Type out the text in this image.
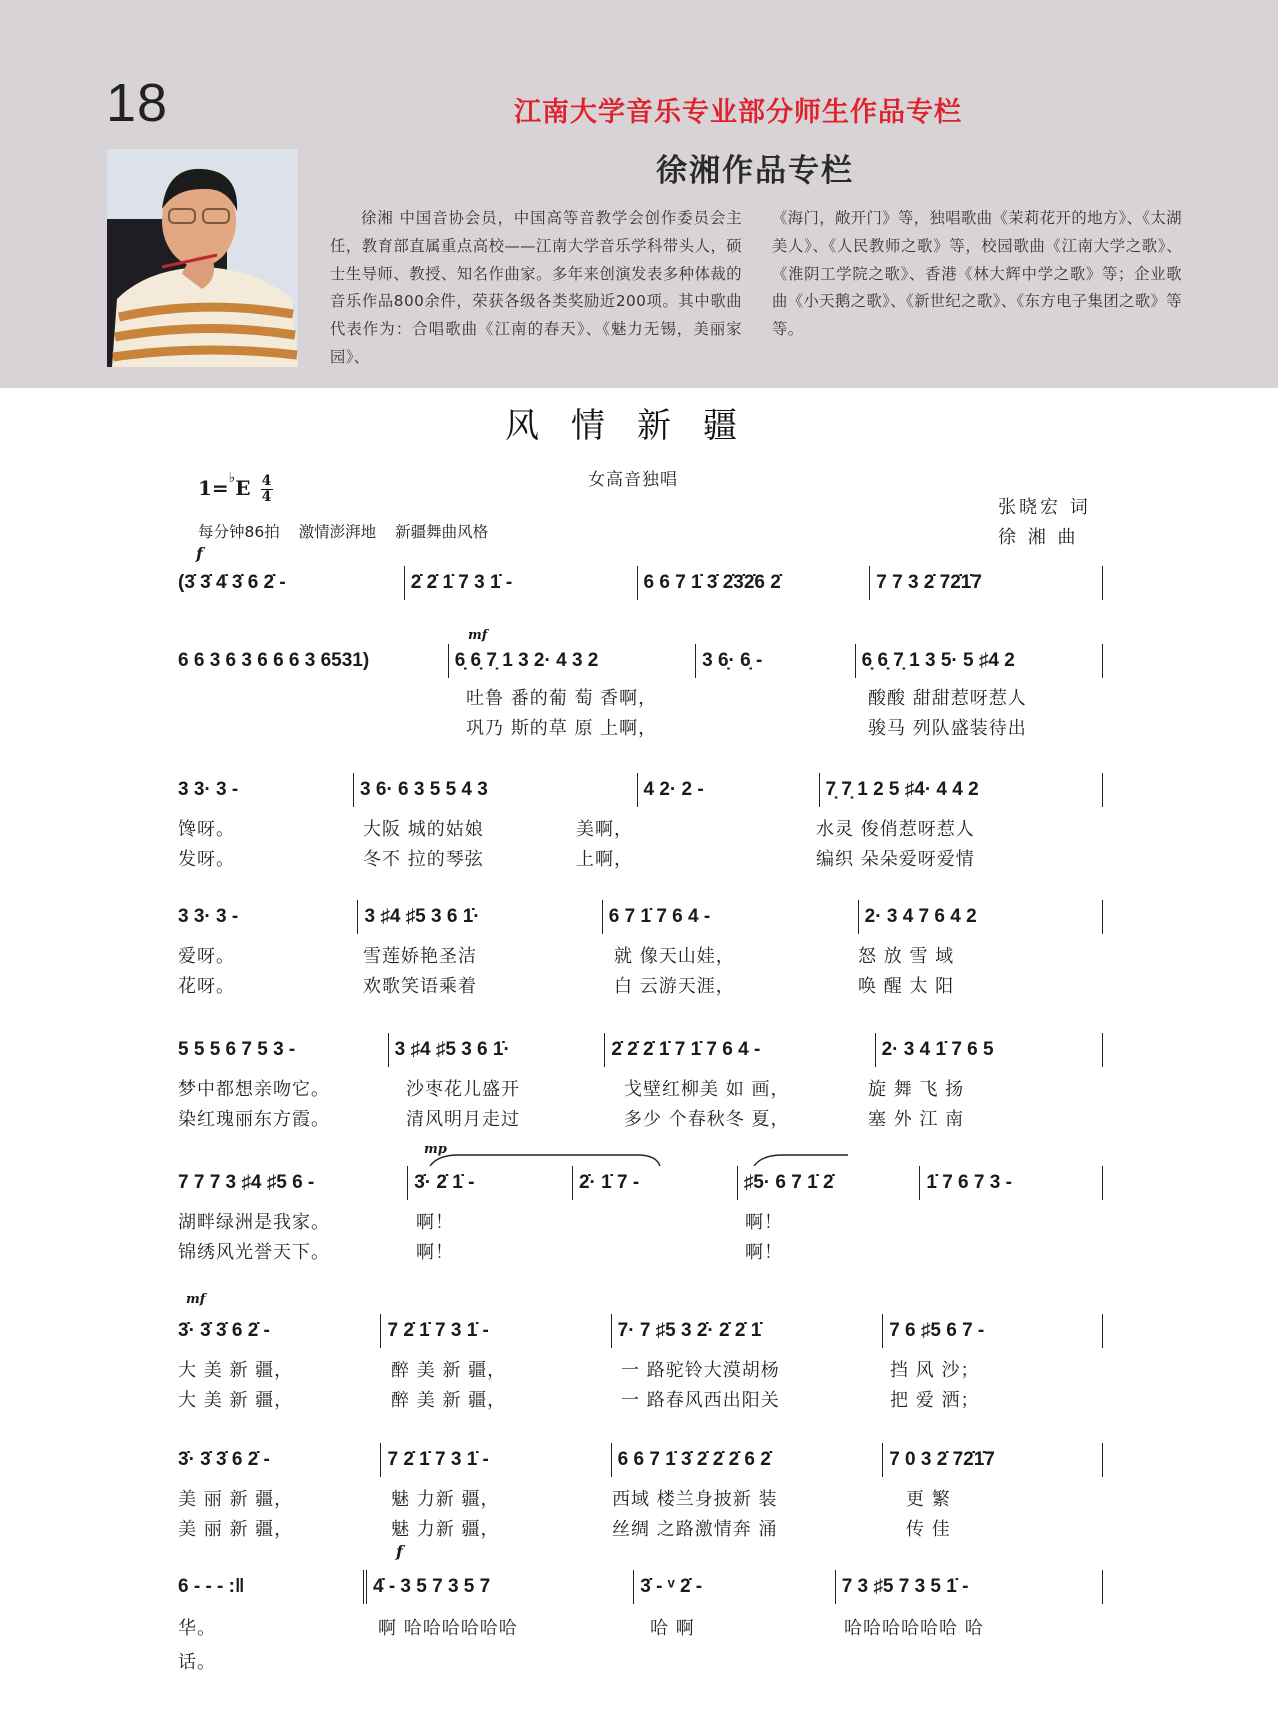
18	江南大学音乐专业部分师生作品专栏
徐湘作品专栏
徐湘 中国音协会员，中国高等音教学会创作委员会主任，教育部直属重点高校——江南大学音乐学科带头人，硕士生导师、教授、知名作曲家。多年来创演发表多种体裁的音乐作品800余件，荣获各级各类奖励近200项。其中歌曲代表作为：合唱歌曲《江南的春天》、《魅力无锡，美丽家园》、
《海门，敞开门》等，独唱歌曲《茉莉花开的地方》、《太湖美人》、《人民教师之歌》等，校园歌曲《江南大学之歌》、《淮阴工学院之歌》、香港《林大辉中学之歌》等；企业歌曲《小天鹅之歌》、《新世纪之歌》、《东方电子集团之歌》等等。
风情新疆
女高音独唱
$1=^♭E \frac{4}{4}$
每分钟86拍 激情澎湃地 新疆舞曲风格
张晓宏 词
徐 湘 曲
f
(3̇ 3̇ 4̇ 3̇ 6 2̇ -	2̇ 2̇ 1̇ 7 3 1̇ -	6 6 7 1̇ 3̇ 2̇3̇2̇6 2̇	7 7 3 2̇ 72̇1̇7
mf
6 6 3 6 3 6 6 6 3 6531)	6̣ 6̣ 7̣ 1 3 2· 4 3 2	3 6̣· 6̣ -	6̣ 6̣ 7̣ 1 3 5· 5 ♯4 2
吐鲁 番的葡 萄 香啊，	酸酸 甜甜惹呀惹人
巩乃 斯的草 原 上啊，	骏马 列队盛装待出
3 3· 3 -	3 6· 6 3 5 5 4 3	4 2· 2 -	7̣ 7̣ 1 2 5 ♯4· 4 4 2
馋呀。	大阪 城的姑娘	美啊，	水灵 俊俏惹呀惹人
发呀。	冬不 拉的琴弦	上啊，	编织 朵朵爱呀爱情
3 3· 3 -	3 ♯4 ♯5 3 6 1̇·	6 7 1̇ 7 6 4 -	2· 3 4 7 6 4 2
爱呀。	雪莲娇艳圣洁	就 像天山娃，	怒 放 雪 域
花呀。	欢歌笑语乘着	白 云游天涯，	唤 醒 太 阳
5 5 5 6 7 5 3 -	3 ♯4 ♯5 3 6 1̇·	2̇ 2̇ 2̇ 1̇ 7 1̇ 7 6 4 -	2· 3 4 1̇ 7 6 5
梦中都想亲吻它。	沙枣花儿盛开	戈壁红柳美 如 画，	旋 舞 飞 扬
染红瑰丽东方霞。	清风明月走过	多少 个春秋冬 夏，	塞 外 江 南
mp
7 7 7 3 ♯4 ♯5 6 -	3̇· 2̇ 1̇ -	2̇· 1̇ 7 -	♯5· 6 7 1̇ 2̇	1̇ 7 6 7 3 -
湖畔绿洲是我家。	啊！	啊！
锦绣风光誉天下。	啊！	啊！
mf
3̇· 3̇ 3̇ 6 2̇ -	7 2̇ 1̇ 7 3 1̇ -	7· 7 ♯5 3 2̇· 2̇ 2̇ 1̇	7 6 ♯5 6 7 -
大 美 新 疆，	醉 美 新 疆，	一 路驼铃大漠胡杨	挡 风 沙；
大 美 新 疆，	醉 美 新 疆，	一 路春风西出阳关	把 爱 洒；
3̇· 3̇ 3̇ 6 2̇ -	7 2̇ 1̇ 7 3 1̇ -	6 6 7 1̇ 3̇ 2̇ 2̇ 2̇ 6 2̇	7 0 3 2̇ 72̇1̇7
美 丽 新 疆，	魅 力新 疆，	西域 楼兰身披新 装	更 繁
美 丽 新 疆，	魅 力新 疆，	丝绸 之路激情奔 涌	传 佳
f
6 - - - :‖	4̇ - 3 5 7 3 5 7	3̇ - ᵛ 2̇ -	7 3 ♯5 7 3 5 1̇ -
华。	啊 哈哈哈哈哈哈	哈 啊	哈哈哈哈哈哈 哈
话。
